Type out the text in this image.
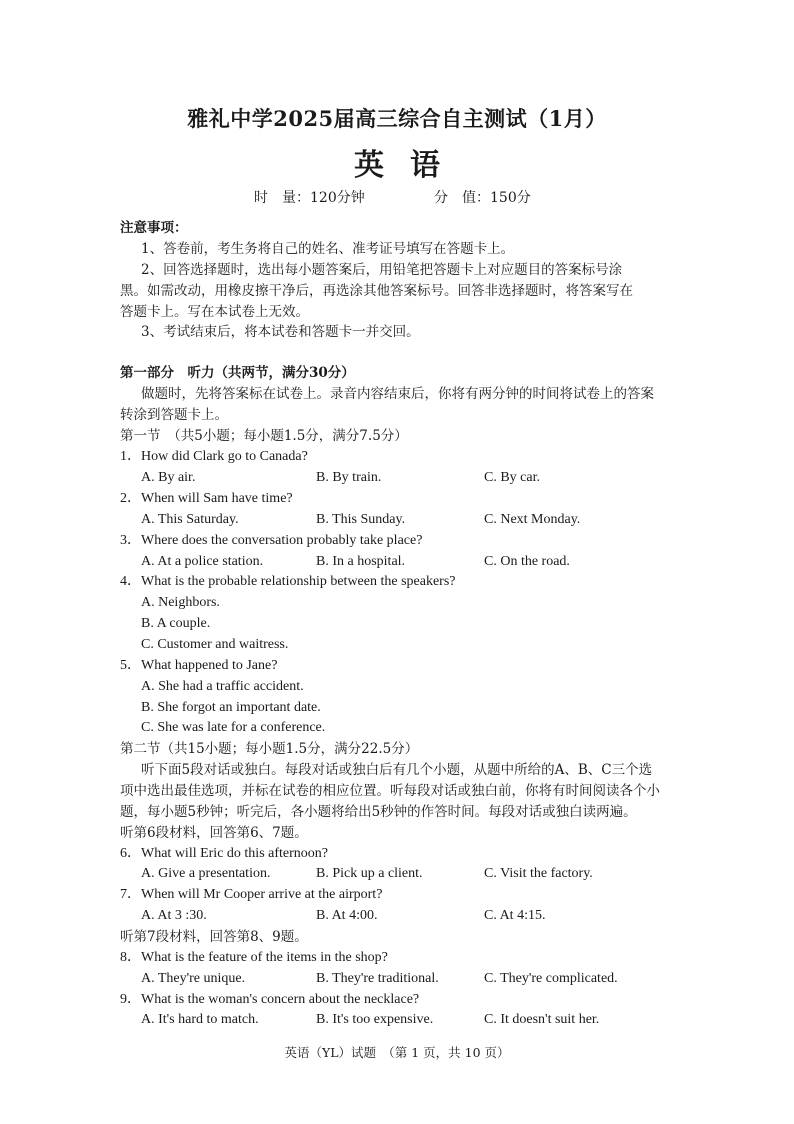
雅礼中学2025届高三综合自主测试（1月）
英语
时　量：120分钟	分　值：150分
注意事项：
1、答卷前，考生务将自己的姓名、准考证号填写在答题卡上。
2、回答选择题时，选出每小题答案后，用铅笔把答题卡上对应题目的答案标号涂
黑。如需改动，用橡皮擦干净后，再选涂其他答案标号。回答非选择题时，将答案写在
答题卡上。写在本试卷上无效。
3、考试结束后，将本试卷和答题卡一并交回。
第一部分　听力（共两节，满分30分）
做题时，先将答案标在试卷上。录音内容结束后，你将有两分钟的时间将试卷上的答案
转涂到答题卡上。
第一节　（共5小题；每小题1.5分，满分7.5分）
1．How did Clark go to Canada?
A. By air.	B. By train.	C. By car.
2．When will Sam have time?
A. This Saturday.	B. This Sunday.	C. Next Monday.
3．Where does the conversation probably take place?
A. At a police station.	B. In a hospital.	C. On the road.
4．What is the probable relationship between the speakers?
A. Neighbors.
B. A couple.
C. Customer and waitress.
5．What happened to Jane?
A. She had a traffic accident.
B. She forgot an important date.
C. She was late for a conference.
第二节（共15小题；每小题1.5分，满分22.5分）
听下面5段对话或独白。每段对话或独白后有几个小题，从题中所给的A、B、C三个选
项中选出最佳选项，并标在试卷的相应位置。听每段对话或独白前，你将有时间阅读各个小
题，每小题5秒钟；听完后，各小题将给出5秒钟的作答时间。每段对话或独白读两遍。
听第6段材料，回答第6、7题。
6．What will Eric do this afternoon?
A. Give a presentation.	B. Pick up a client.	C. Visit the factory.
7．When will Mr Cooper arrive at the airport?
A. At 3 :30.	B. At 4:00.	C. At 4:15.
听第7段材料，回答第8、9题。
8．What is the feature of the items in the shop?
A. They're unique.	B. They're traditional.	C. They're complicated.
9．What is the woman's concern about the necklace?
A. It's hard to match.	B. It's too expensive.	C. It doesn't suit her.
英语（YL）试题　（第 1 页，共 10 页）
